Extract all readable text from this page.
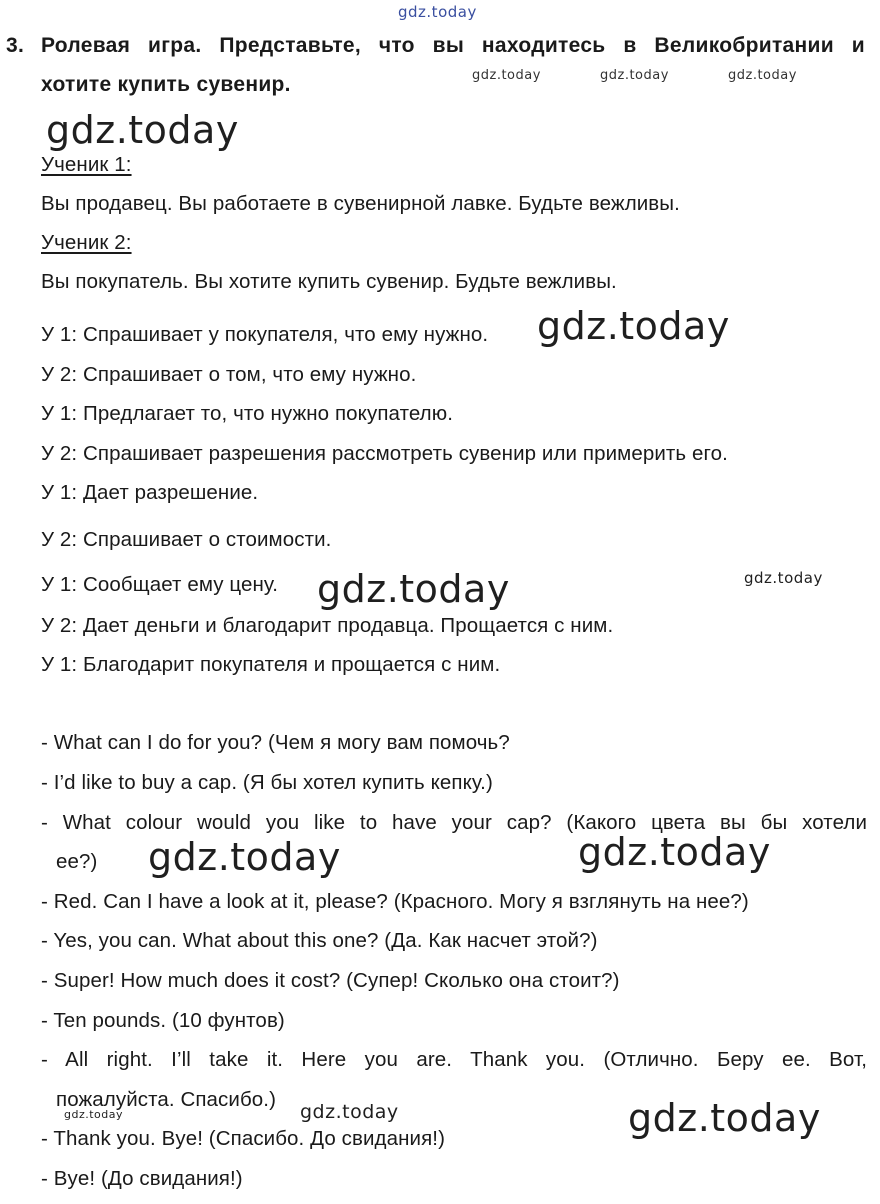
gdz.today
3. Ролевая игра. Представьте, что вы находитесь в Великобритании и
хотите купить сувенир.	gdz.today	gdz.today	gdz.today
gdz.today
Ученик 1:
Вы продавец. Вы работаете в сувенирной лавке. Будьте вежливы.
Ученик 2:
Вы покупатель. Вы хотите купить сувенир. Будьте вежливы.
У 1: Спрашивает у покупателя, что ему нужно. gdz.today
У 2: Спрашивает о том, что ему нужно.
У 1: Предлагает то, что нужно покупателю.
У 2: Спрашивает разрешения рассмотреть сувенир или примерить его.
У 1: Дает разрешение.
У 2: Спрашивает о стоимости.
У 1: Сообщает ему цену. gdz.today	gdz.today
У 2: Дает деньги и благодарит продавца. Прощается с ним.
У 1: Благодарит покупателя и прощается с ним.
- What can I do for you? (Чем я могу вам помочь?
- I’d like to buy a cap. (Я бы хотел купить кепку.)
- What colour would you like to have your cap? (Какого цвета вы бы хотели
ее?) gdz.today	gdz.today
- Red. Can I have a look at it, please? (Красного. Могу я взглянуть на нее?)
- Yes, you can. What about this one? (Да. Как насчет этой?)
- Super! How much does it cost? (Супер! Сколько она стоит?)
- Ten pounds. (10 фунтов)
- All right. I’ll take it. Here you are. Thank you. (Отлично. Беру ее. Вот,
пожалуйста. Спасибо.)
gdz.today	gdz.today	gdz.today
- Thank you. Bye! (Спасибо. До свидания!)
- Bye! (До свидания!)
